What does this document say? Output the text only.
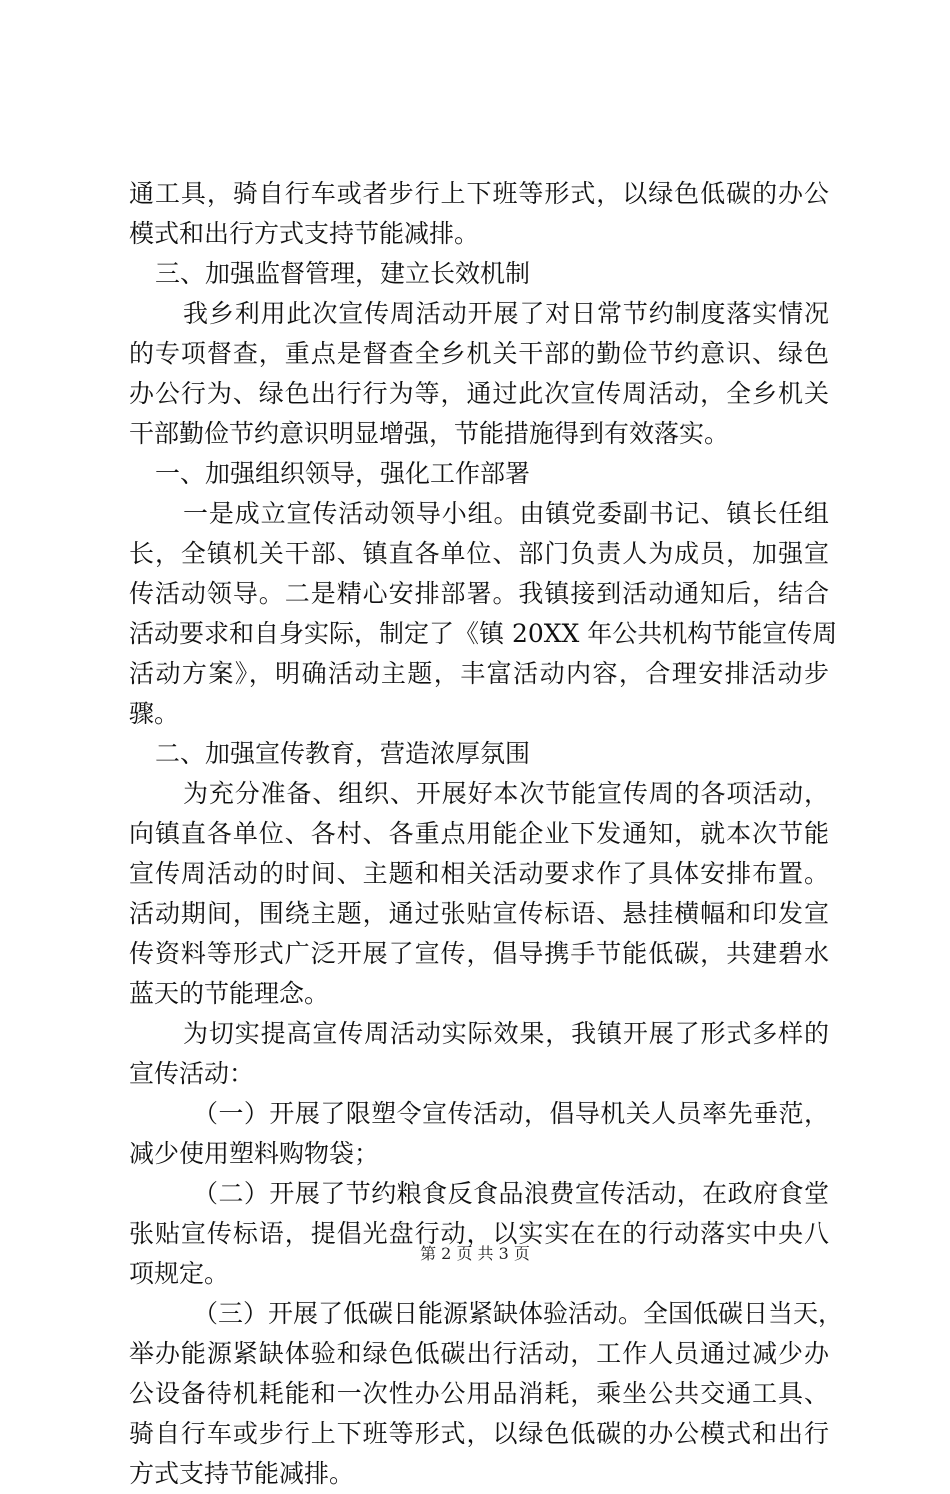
通工具，骑自行车或者步行上下班等形式，以绿色低碳的办公
模式和出行方式支持节能减排。
三、加强监督管理，建立长效机制
我乡利用此次宣传周活动开展了对日常节约制度落实情况
的专项督查，重点是督查全乡机关干部的勤俭节约意识、绿色
办公行为、绿色出行行为等，通过此次宣传周活动，全乡机关
干部勤俭节约意识明显增强，节能措施得到有效落实。
一、加强组织领导，强化工作部署
一是成立宣传活动领导小组。由镇党委副书记、镇长任组
长，全镇机关干部、镇直各单位、部门负责人为成员，加强宣
传活动领导。二是精心安排部署。我镇接到活动通知后，结合
活动要求和自身实际，制定了《镇 20XX 年公共机构节能宣传周
活动方案》，明确活动主题，丰富活动内容，合理安排活动步
骤。
二、加强宣传教育，营造浓厚氛围
为充分准备、组织、开展好本次节能宣传周的各项活动，
向镇直各单位、各村、各重点用能企业下发通知，就本次节能
宣传周活动的时间、主题和相关活动要求作了具体安排布置。
活动期间，围绕主题，通过张贴宣传标语、悬挂横幅和印发宣
传资料等形式广泛开展了宣传，倡导携手节能低碳，共建碧水
蓝天的节能理念。
为切实提高宣传周活动实际效果，我镇开展了形式多样的
宣传活动：
（一）开展了限塑令宣传活动，倡导机关人员率先垂范，
减少使用塑料购物袋；
（二）开展了节约粮食反食品浪费宣传活动，在政府食堂
张贴宣传标语，提倡光盘行动，以实实在在的行动落实中央八
项规定。
（三）开展了低碳日能源紧缺体验活动。全国低碳日当天，
举办能源紧缺体验和绿色低碳出行活动，工作人员通过减少办
公设备待机耗能和一次性办公用品消耗，乘坐公共交通工具、
骑自行车或步行上下班等形式，以绿色低碳的办公模式和出行
方式支持节能减排。
第 2 页 共 3 页
